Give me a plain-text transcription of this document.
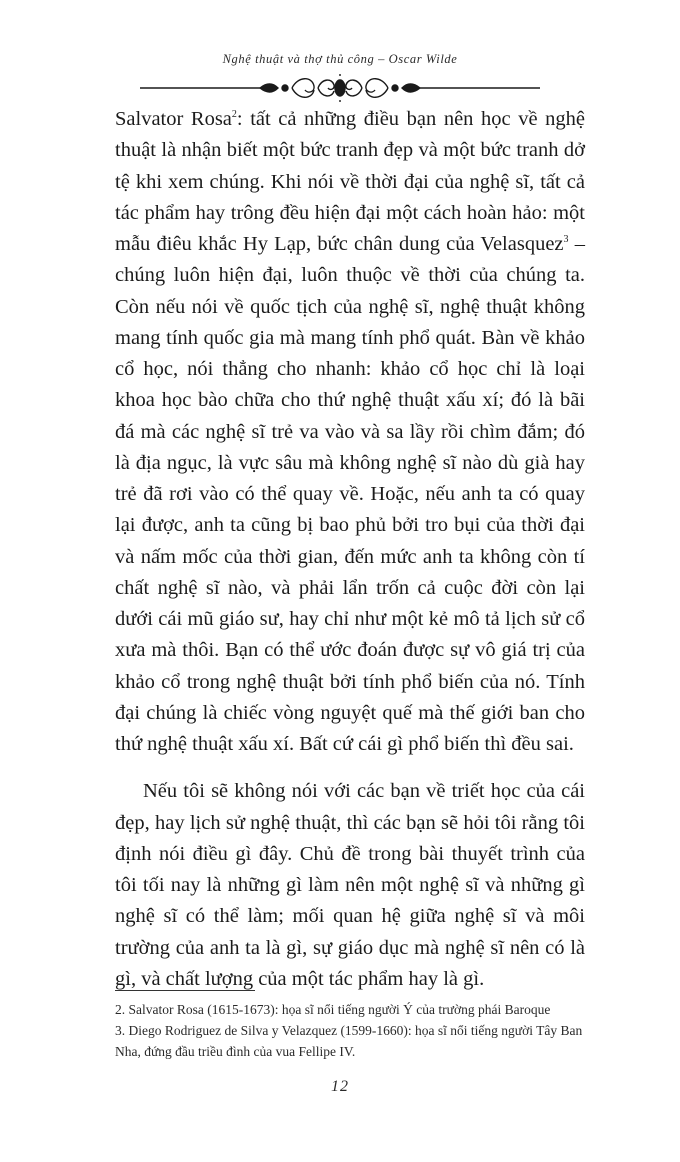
Nghệ thuật và thợ thủ công – Oscar Wilde

Salvator Rosa$^2$: tất cả những điều bạn nên học về nghệ thuật là nhận biết một bức tranh đẹp và một bức tranh dở tệ khi xem chúng. Khi nói về thời đại của nghệ sĩ, tất cả tác phẩm hay trông đều hiện đại một cách hoàn hảo: một mẫu điêu khắc Hy Lạp, bức chân dung của Velasquez$^3$ – chúng luôn hiện đại, luôn thuộc về thời của chúng ta. Còn nếu nói về quốc tịch của nghệ sĩ, nghệ thuật không mang tính quốc gia mà mang tính phổ quát. Bàn về khảo cổ học, nói thẳng cho nhanh: khảo cổ học chỉ là loại khoa học bào chữa cho thứ nghệ thuật xấu xí; đó là bãi đá mà các nghệ sĩ trẻ va vào và sa lầy rồi chìm đắm; đó là địa ngục, là vực sâu mà không nghệ sĩ nào dù già hay trẻ đã rơi vào có thể quay về. Hoặc, nếu anh ta có quay lại được, anh ta cũng bị bao phủ bởi tro bụi của thời đại và nấm mốc của thời gian, đến mức anh ta không còn tí chất nghệ sĩ nào, và phải lẩn trốn cả cuộc đời còn lại dưới cái mũ giáo sư, hay chỉ như một kẻ mô tả lịch sử cổ xưa mà thôi. Bạn có thể ước đoán được sự vô giá trị của khảo cổ trong nghệ thuật bởi tính phổ biến của nó. Tính đại chúng là chiếc vòng nguyệt quế mà thế giới ban cho thứ nghệ thuật xấu xí. Bất cứ cái gì phổ biến thì đều sai.

Nếu tôi sẽ không nói với các bạn về triết học của cái đẹp, hay lịch sử nghệ thuật, thì các bạn sẽ hỏi tôi rằng tôi định nói điều gì đây. Chủ đề trong bài thuyết trình của tôi tối nay là những gì làm nên một nghệ sĩ và những gì nghệ sĩ có thể làm; mối quan hệ giữa nghệ sĩ và môi trường của anh ta là gì, sự giáo dục mà nghệ sĩ nên có là gì, và chất lượng của một tác phẩm hay là gì.

2. Salvator Rosa (1615-1673): họa sĩ nổi tiếng người Ý của trường phái Baroque

3. Diego Rodriguez de Silva y Velazquez (1599-1660): họa sĩ nổi tiếng người Tây Ban Nha, đứng đầu triều đình của vua Fellipe IV.

12
